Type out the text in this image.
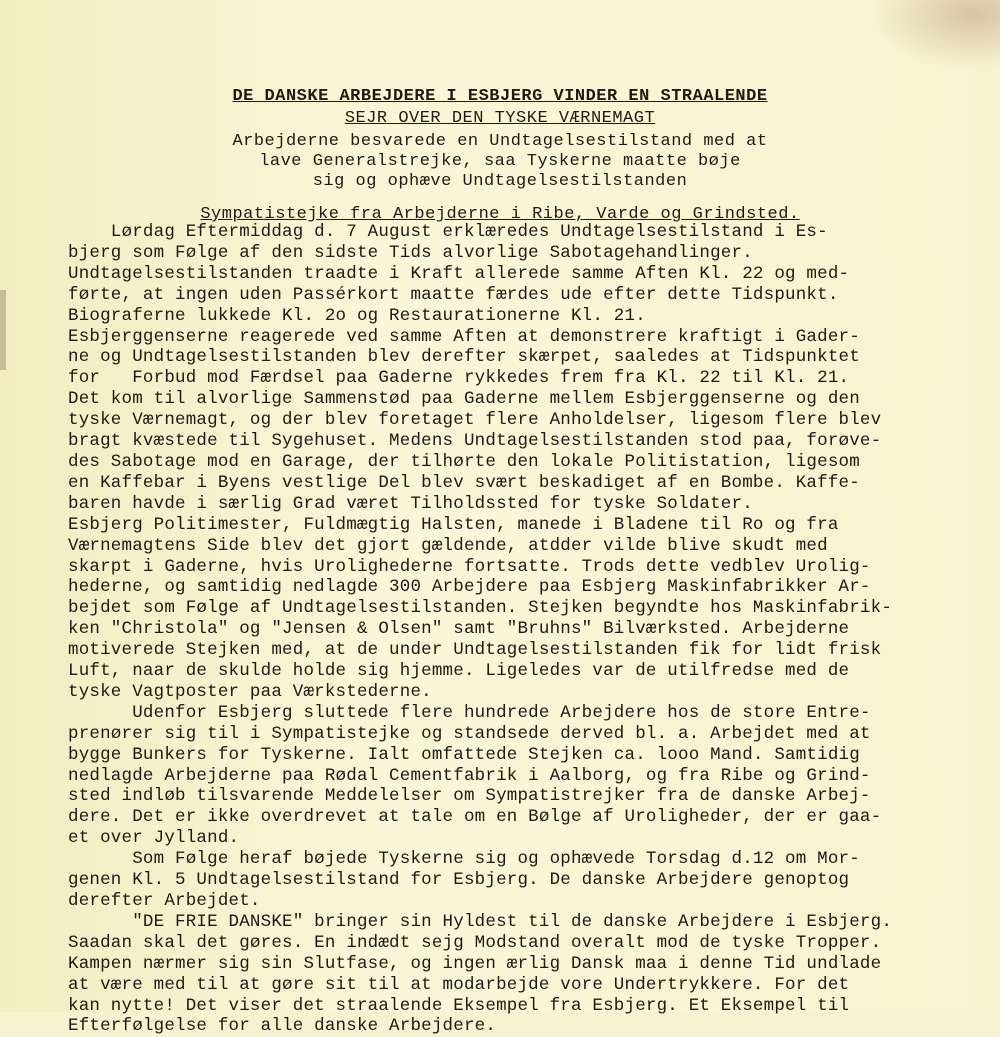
DE DANSKE ARBEJDERE I ESBJERG VINDER EN STRAALENDE
SEJR OVER DEN TYSKE VÆRNEMAGT
Arbejderne besvarede en Undtagelsestilstand med at
lave Generalstrejke, saa Tyskerne maatte bøje
sig og ophæve Undtagelsestilstanden
Sympatistejke fra Arbejderne i Ribe, Varde og Grindsted.
Lørdag Eftermiddag d. 7 August erklæredes Undtagelsestilstand i Es-
bjerg som Følge af den sidste Tids alvorlige Sabotagehandlinger.
Undtagelsestilstanden traadte i Kraft allerede samme Aften Kl. 22 og med-
førte, at ingen uden Passérkort maatte færdes ude efter dette Tidspunkt.
Biograferne lukkede Kl. 2o og Restaurationerne Kl. 21.
Esbjerggenserne reagerede ved samme Aften at demonstrere kraftigt i Gader-
ne og Undtagelsestilstanden blev derefter skærpet, saaledes at Tidspunktet
for   Forbud mod Færdsel paa Gaderne rykkedes frem fra Kl. 22 til Kl. 21.
Det kom til alvorlige Sammenstød paa Gaderne mellem Esbjerggenserne og den
tyske Værnemagt, og der blev foretaget flere Anholdelser, ligesom flere blev
bragt kvæstede til Sygehuset. Medens Undtagelsestilstanden stod paa, forøve-
des Sabotage mod en Garage, der tilhørte den lokale Politistation, ligesom
en Kaffebar i Byens vestlige Del blev svært beskadiget af en Bombe. Kaffe-
baren havde i særlig Grad været Tilholdssted for tyske Soldater.
Esbjerg Politimester, Fuldmægtig Halsten, manede i Bladene til Ro og fra
Værnemagtens Side blev det gjort gældende, atdder vilde blive skudt med
skarpt i Gaderne, hvis Urolighederne fortsatte. Trods dette vedblev Urolig-
hederne, og samtidig nedlagde 300 Arbejdere paa Esbjerg Maskinfabrikker Ar-
bejdet som Følge af Undtagelsestilstanden. Stejken begyndte hos Maskinfabrik-
ken "Christola" og "Jensen & Olsen" samt "Bruhns" Bilværksted. Arbejderne
motiverede Stejken med, at de under Undtagelsestilstanden fik for lidt frisk
Luft, naar de skulde holde sig hjemme. Ligeledes var de utilfredse med de
tyske Vagtposter paa Værkstederne.
Udenfor Esbjerg sluttede flere hundrede Arbejdere hos de store Entre-
prenører sig til i Sympatistejke og standsede derved bl. a. Arbejdet med at
bygge Bunkers for Tyskerne. Ialt omfattede Stejken ca. looo Mand. Samtidig
nedlagde Arbejderne paa Rødal Cementfabrik i Aalborg, og fra Ribe og Grind-
sted indløb tilsvarende Meddelelser om Sympatistrejker fra de danske Arbej-
dere. Det er ikke overdrevet at tale om en Bølge af Uroligheder, der er gaa-
et over Jylland.
Som Følge heraf bøjede Tyskerne sig og ophævede Torsdag d.12 om Mor-
genen Kl. 5 Undtagelsestilstand for Esbjerg. De danske Arbejdere genoptog
derefter Arbejdet.
"DE FRIE DANSKE" bringer sin Hyldest til de danske Arbejdere i Esbjerg.
Saadan skal det gøres. En indædt sejg Modstand overalt mod de tyske Tropper.
Kampen nærmer sig sin Slutfase, og ingen ærlig Dansk maa i denne Tid undlade
at være med til at gøre sit til at modarbejde vore Undertrykkere. For det
kan nytte! Det viser det straalende Eksempel fra Esbjerg. Et Eksempel til
Efterfølgelse for alle danske Arbejdere.
